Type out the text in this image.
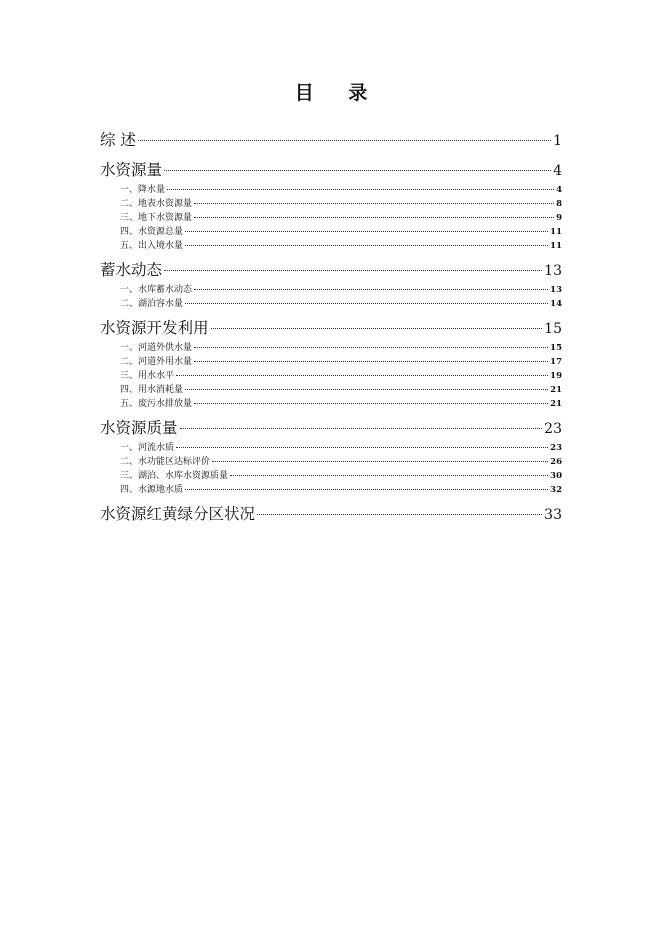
目 录
综 述	1
水资源量	4
一、降水量	4
二、地表水资源量	8
三、地下水资源量	9
四、水资源总量	11
五、出入境水量	11
蓄水动态	13
一、水库蓄水动态	13
二、湖泊容水量	14
水资源开发利用	15
一、河道外供水量	15
二、河道外用水量	17
三、用水水平	19
四、用水消耗量	21
五、废污水排放量	21
水资源质量	23
一、河流水质	23
二、水功能区达标评价	26
三、湖泊、水库水资源质量	30
四、水源地水质	32
水资源红黄绿分区状况	33
